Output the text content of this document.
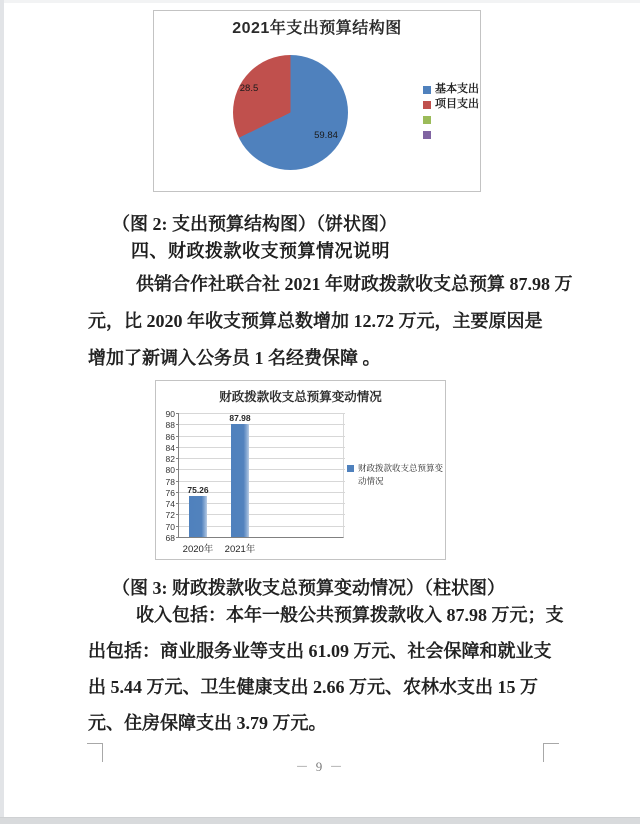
2021年支出预算结构图
59.84
28.5	基本支出
项目支出
（图 2: 支出预算结构图）（饼状图）
四、财政拨款收支预算情况说明
供销合作社联合社 2021 年财政拨款收支总预算 87.98 万
元，比 2020 年收支预算总数增加 12.72 万元，主要原因是
增加了新调入公务员 1 名经费保障 。
财政拨款收支总预算变动情况
68
70
72
74
76
78
80
82
84
86
88
90
75.26
2020年
87.98
2021年
财政拨款收支总预算变动情况
（图 3: 财政拨款收支总预算变动情况）（柱状图）
收入包括：本年一般公共预算拨款收入 87.98 万元；支
出包括：商业服务业等支出 61.09 万元、社会保障和就业支
出 5.44 万元、卫生健康支出 2.66 万元、农林水支出 15 万
元、住房保障支出 3.79 万元。
－ 9 －
